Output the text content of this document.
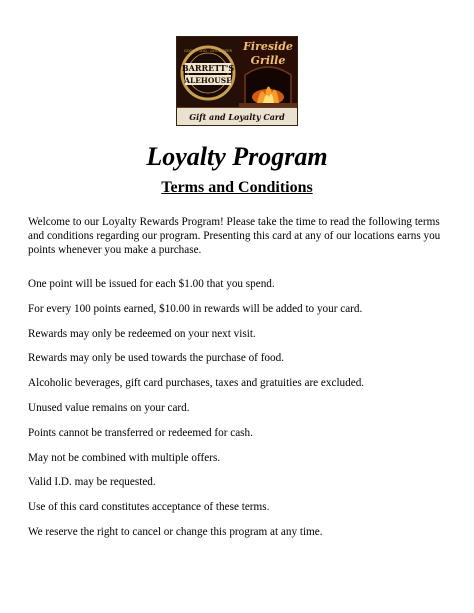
GOOD FOOD · GOOD BEER
BARRETT'S
ALEHOUSE
Fireside
Grille
Gift and Loyalty Card
Loyalty Program
Terms and Conditions
Welcome to our Loyalty Rewards Program! Please take the time to read the following terms
and conditions regarding our program. Presenting this card at any of our locations earns you
points whenever you make a purchase.
One point will be issued for each $1.00 that you spend.
For every 100 points earned, $10.00 in rewards will be added to your card.
Rewards may only be redeemed on your next visit.
Rewards may only be used towards the purchase of food.
Alcoholic beverages, gift card purchases, taxes and gratuities are excluded.
Unused value remains on your card.
Points cannot be transferred or redeemed for cash.
May not be combined with multiple offers.
Valid I.D. may be requested.
Use of this card constitutes acceptance of these terms.
We reserve the right to cancel or change this program at any time.
